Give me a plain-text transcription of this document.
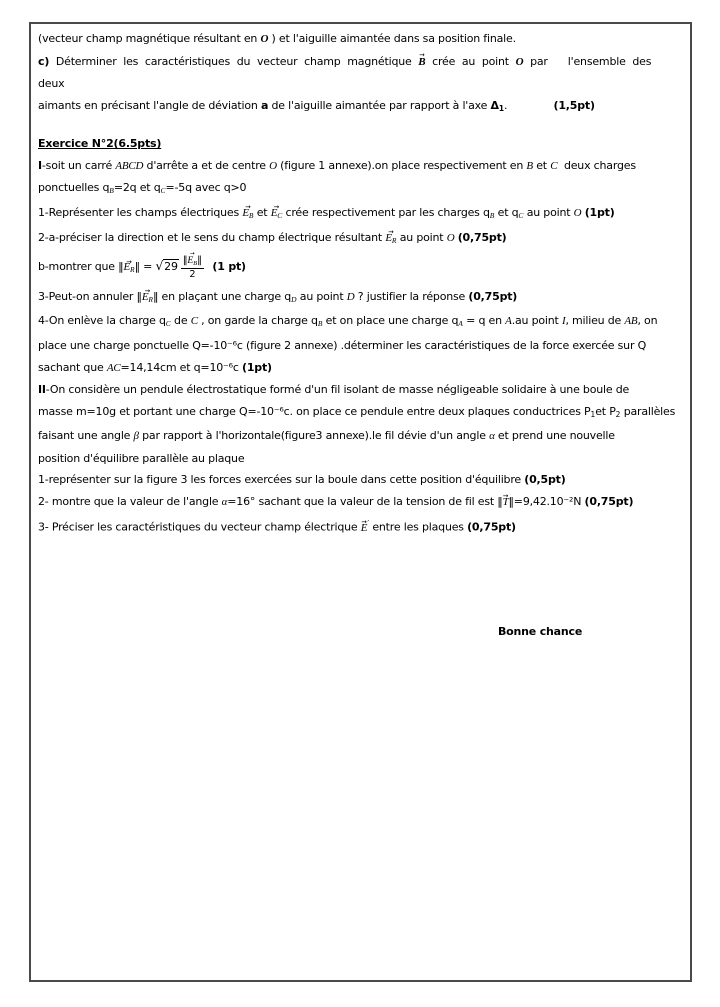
(vecteur champ magnétique résultant en O ) et l'aiguille aimantée dans sa position finale.
c) Déterminer les caractéristiques du vecteur champ magnétique B → crée au point O par   l'ensemble des deux
aimants en précisant l'angle de déviation a de l'aiguille aimantée par rapport à l'axe $\Delta_1$.              (1,5pt)
Exercice N°2(6.5pts)
I-soit un carré ABCD d'arrête a et de centre O (figure 1 annexe).on place respectivement en B et C  deux charges
ponctuelles $q_B=2q$ et $q_C=-5q$ avec q>0
1-Représenter les champs électriques $E_B$ → et $E_C$ → crée respectivement par les charges $q_B$ et $q_C$ au point O (1pt)
2-a-préciser la direction et le sens du champ électrique résultant $E_R$ → au point O (0,75pt)
b-montrer que $‖E_R$ →‖ = $√29 \frac{‖E_B \to‖}{2} (1$ pt)
3-Peut-on annuler $‖E_R$ →‖ en plaçant une charge $q_D$ au point D ? justifier la réponse (0,75pt)
4-On enlève la charge $q_C$ de C , on garde la charge $q_B$ et on place une charge $q_A = q$ en A.au point I, milieu de AB, on
place une charge ponctuelle Q=-10⁻⁶c (figure 2 annexe) .déterminer les caractéristiques de la force exercée sur Q
sachant que AC=14,14cm et q=10⁻⁶c (1pt)
II-On considère un pendule électrostatique formé d'un fil isolant de masse négligeable solidaire à une boule de
masse m=10g et portant une charge Q=-10⁻⁶c. on place ce pendule entre deux plaques conductrices $P_1et$ $P_2$ parallèles
faisant une angle β par rapport à l'horizontale(figure3 annexe).le fil dévie d'un angle α et prend une nouvelle
position d'équilibre parallèle au plaque
1-représenter sur la figure 3 les forces exercées sur la boule dans cette position d'équilibre (0,5pt)
2- montre que la valeur de l'angle α=16° sachant que la valeur de la tension de fil est ‖T →‖=9,42.10⁻²N (0,75pt)
3- Préciser les caractéristiques du vecteur champ électrique E →′ entre les plaques (0,75pt)
Bonne chance
